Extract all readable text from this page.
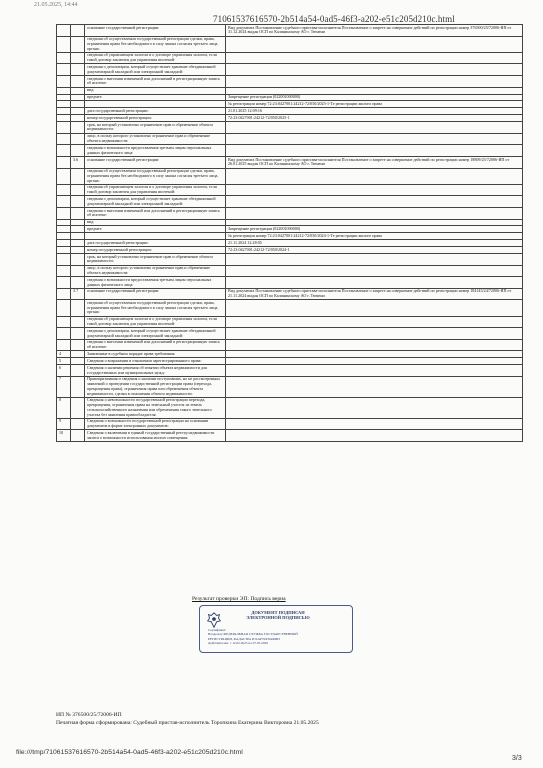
21.05.2025, 14:44
71061537616570-2b514a54-0ad5-46f3-a202-e51c205d210c.html
		основание государственной регистрации:	Вид документа Постановление судебного пристава-исполнителя Постановление о запрете на совершение действий по регистрации номер 376500/25/72006-ИП от 31.12.2024 выдан ОСП по Калининскому АО г. Тюмени
		сведения об осуществлении государственной регистрации сделки, права, ограничения права без необходимого в силу закона согласия третьего лица, органа:	
		сведения об управляющем залогом и о договоре управления залогом, если такой договор заключен для управления ипотекой:	
		сведения о депозитарии, который осуществляет хранение обездвиженной документарной закладной или электронной закладной:	
		сведения о внесении изменений или дополнений в регистрационную запись об ипотеке:	
		вид:	
		предмет:	Запрещение регистрации (022001000000)
			№ регистрации номер 72:23:0427001:24212-72/050/2025-1-Те регистрации жилого права
		дата государственной регистрации:	21.01.2025 12:09:16
		номер государственной регистрации:	72:23:0427001:24212-72/050/2025-1
		срок, на который установлено ограничение прав и обременение объекта недвижимости:	
		лицо, в пользу которого установлено ограничение прав и обременение объекта недвижимости:	
		сведения о возможности предоставления третьим лицам персональных данных физического лица:	
	3.6	основание государственной регистрации:	Вид документа Постановление судебного пристава-исполнителя Постановление о запрете на совершение действий по регистрации номер 18809/25/72006-ИП от 26.01.2025 выдан ОСП по Калининскому АО г. Тюмени
		сведения об осуществлении государственной регистрации сделки, права, ограничения права без необходимого в силу закона согласия третьего лица, органа:	
		сведения об управляющем залогом и о договоре управления залогом, если такой договор заключен для управления ипотекой:	
		сведения о депозитарии, который осуществляет хранение обездвиженной документарной закладной или электронной закладной:	
		сведения о внесении изменений или дополнений в регистрационную запись об ипотеке:	
		вид:	
		предмет:	Запрещение регистрации (022001000000)
			№ регистрации номер 72:23:0427001:24212-72/050/2024-1-Те регистрации жилого права
		дата государственной регистрации:	21.11.2024 12:28:05
		номер государственной регистрации:	72:23:0427001:24212-72/050/2024-1
		срок, на который установлено ограничение прав и обременение объекта недвижимости:	
		лицо, в пользу которого установлено ограничение прав и обременение объекта недвижимости:	
		сведения о возможности предоставления третьим лицам персональных данных физического лица:	
	3.7	основание государственной регистрации:	Вид документа Постановление судебного пристава-исполнителя Постановление о запрете на совершение действий по регистрации номер 184145/24/72006-ИП от 21.11.2024 выдан ОСП по Калининскому АО г. Тюмени
		сведения об осуществлении государственной регистрации сделки, права, ограничения права без необходимого в силу закона согласия третьего лица, органа:	
		сведения об управляющем залогом и о договоре управления залогом, если такой договор заключен для управления ипотекой:	
		сведения о депозитарии, который осуществляет хранение обездвиженной документарной закладной или электронной закладной:	
		сведения о внесении изменений или дополнений в регистрационную запись об ипотеке:	
4		Заявленные в судебном порядке права требования:	
5		Сведения о возражении в отношении зарегистрированного права:	
6		Сведения о наличии решения об изъятии объекта недвижимости для государственных или муниципальных нужд:	
7		Правопритязания и сведения о наличии поступивших, но не рассмотренных заявлений о проведении государственной регистрации права (перехода, прекращения права), ограничения права или обременения объекта недвижимости, сделки в отношении объекта недвижимости:	
8		Сведения о невозможности государственной регистрации перехода, прекращения, ограничения права на земельный участок из земель сельскохозяйственного назначения или обременения такого земельного участка без заявления правообладателя:	
9		Сведения о возможности государственной регистрации на основании документов в форме электронных документов:	
10		Сведения о включении в единый государственный реестр недвижимости записи о возможности использования жилого помещения:	
Результат проверки ЭП: Подпись верна
ДОКУМЕНТ ПОДПИСАН ЭЛЕКТРОННОЙ ПОДПИСЬЮ
Сертификат:
Владелец: ФЕДЕРАЛЬНАЯ СЛУЖБА ГОСУДАРСТВЕННОЙ
РЕГИСТРАЦИИ, КАДАСТРА И КАРТОГРАФИИ
Действителен: с 12.02.2025 по 07.05.2026
ИП № 376500/25/72006-ИП
Печатная форма сформирована: Судебный пристав-исполнитель Торопкина Екатерина Викторовна 21.05.2025
file:///tmp/71061537616570-2b514a54-0ad5-46f3-a202-e51c205d210c.html
3/3
